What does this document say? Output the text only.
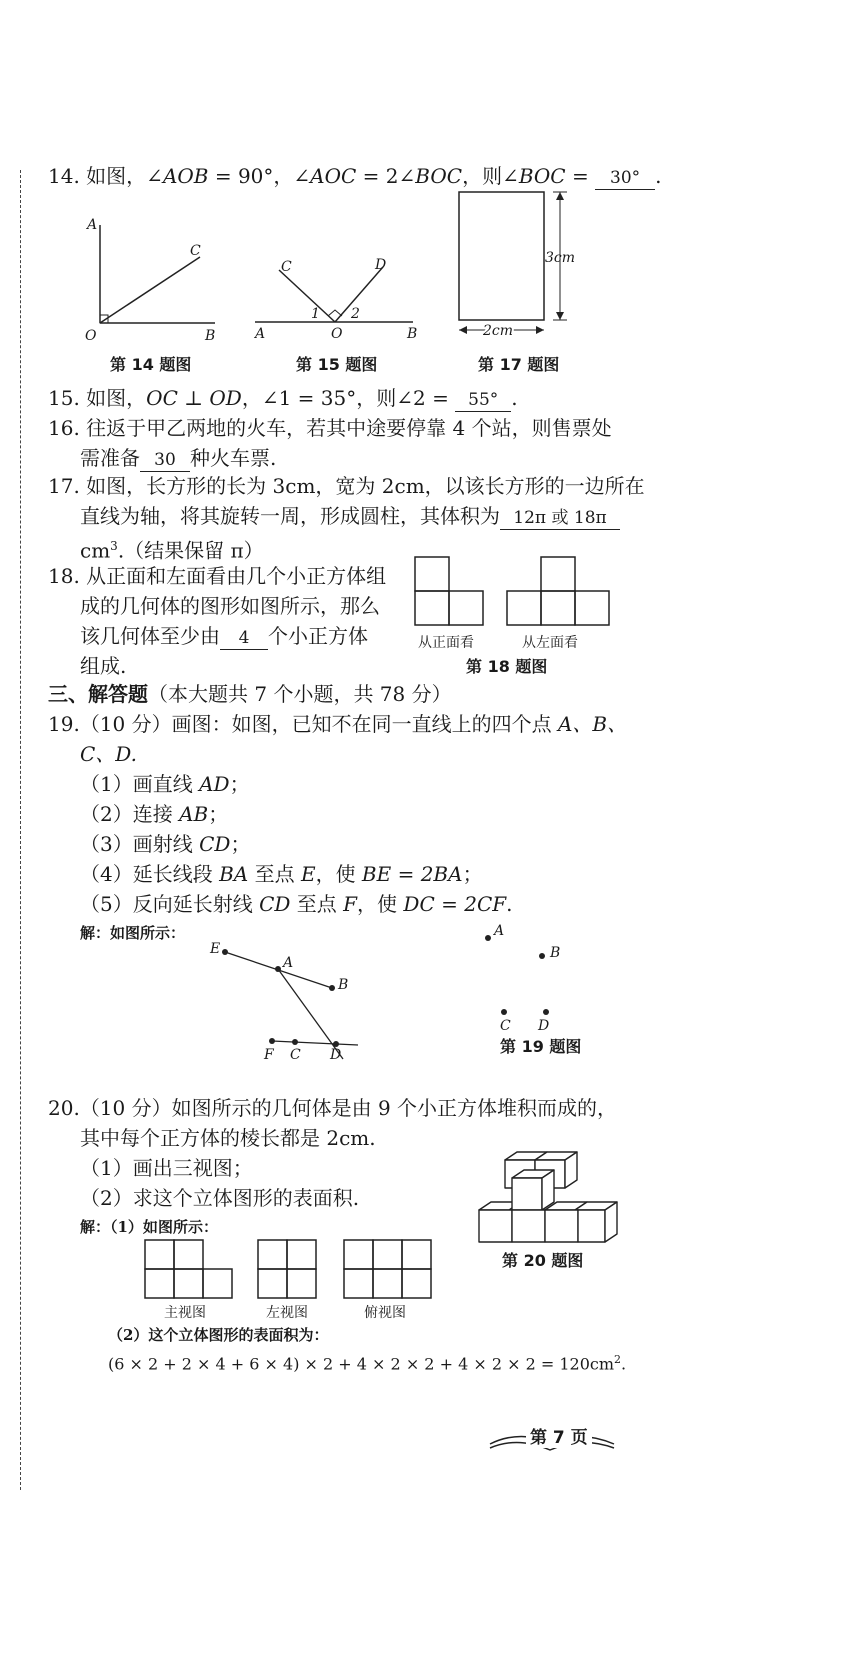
14. 如图，∠AOB = 90°，∠AOC = 2∠BOC，则∠BOC = 30° .
A
O	B
C
第 14 题图
C	D
1 2
A	O	B
第 15 题图
3cm
2cm
第 17 题图
15. 如图，OC ⊥ OD，∠1 = 35°，则∠2 = 55° .
16. 往返于甲乙两地的火车，若其中途要停靠 4 个站，则售票处
需准备 30 种火车票.
17. 如图，长方形的长为 3cm，宽为 2cm，以该长方形的一边所在
直线为轴，将其旋转一周，形成圆柱，其体积为 12π 或 18π
$cm^3$.（结果保留 π）
18. 从正面和左面看由几个小正方体组
成的几何体的图形如图所示，那么
该几何体至少由 4 个小正方体
组成.
从正面看	从左面看
第 18 题图
三、解答题（本大题共 7 个小题，共 78 分）
19.（10 分）画图：如图，已知不在同一直线上的四个点 A、B、
C、D.
（1）画直线 AD；
（2）连接 AB；
（3）画射线 CD；
（4）延长线段 BA 至点 E，使 BE = 2BA；
（5）反向延长射线 CD 至点 F，使 DC = 2CF.
解：如图所示：
E
A
B
F C D
A
B
C D
第 19 题图
20.（10 分）如图所示的几何体是由 9 个小正方体堆积而成的，
其中每个正方体的棱长都是 2cm.
（1）画出三视图；
（2）求这个立体图形的表面积.
解：（1）如图所示：
主视图	左视图	俯视图
第 20 题图
（2）这个立体图形的表面积为：
$(6 \times 2 + 2 \times 4 + 6 \times 4) \times 2 + 4 \times 2 \times 2 + 4 \times 2 \times 2 = 120cm^2$.
第 7 页
